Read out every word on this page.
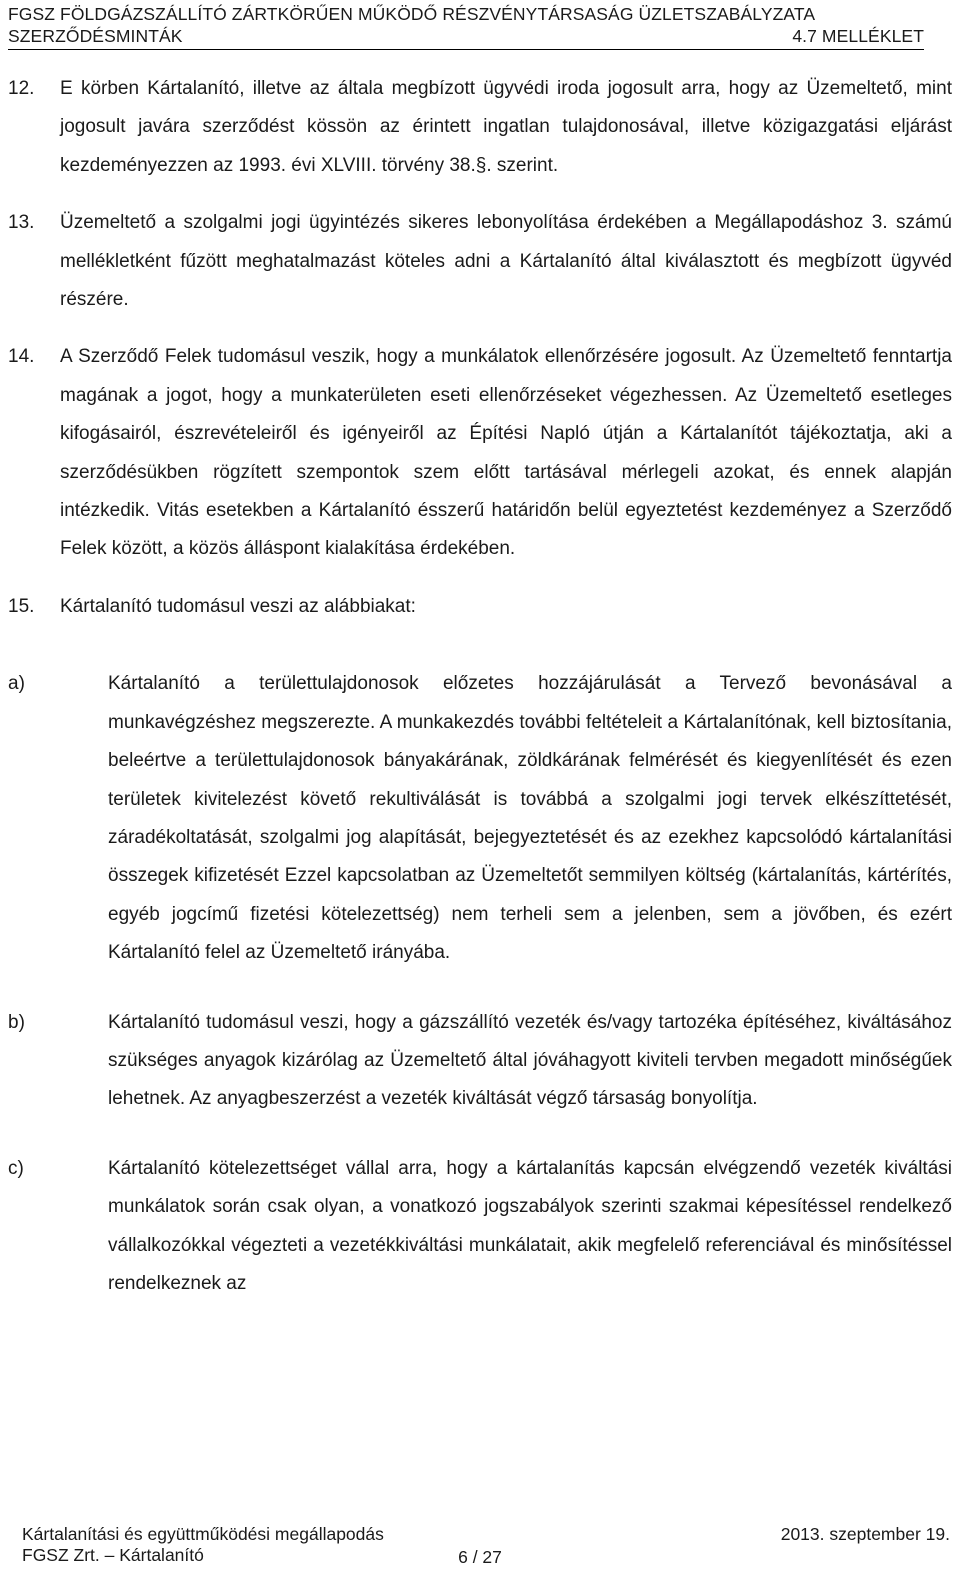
FGSZ FÖLDGÁZSZÁLLÍTÓ ZÁRTKÖRŰEN MŰKÖDŐ RÉSZVÉNYTÁRSASÁG ÜZLETSZABÁLYZATA
SZERZŐDÉSMINTÁK	4.7 MELLÉKLET
12.	E körben Kártalanító, illetve az általa megbízott ügyvédi iroda jogosult arra, hogy az Üzemeltető, mint jogosult javára szerződést kössön az érintett ingatlan tulajdonosával, illetve közigazgatási eljárást kezdeményezzen az 1993. évi XLVIII. törvény 38.§. szerint.
13.	Üzemeltető a szolgalmi jogi ügyintézés sikeres lebonyolítása érdekében a Megállapodáshoz 3. számú mellékletként fűzött meghatalmazást köteles adni a Kártalanító által kiválasztott és megbízott ügyvéd részére.
14.	A Szerződő Felek tudomásul veszik, hogy a munkálatok ellenőrzésére jogosult. Az Üzemeltető fenntartja magának a jogot, hogy a munkaterületen eseti ellenőrzéseket végezhessen. Az Üzemeltető esetleges kifogásairól, észrevételeiről és igényeiről az Építési Napló útján a Kártalanítót tájékoztatja, aki a szerződésükben rögzített szempontok szem előtt tartásával mérlegeli azokat, és ennek alapján intézkedik. Vitás esetekben a Kártalanító ésszerű határidőn belül egyeztetést kezdeményez a Szerződő Felek között, a közös álláspont kialakítása érdekében.
15.	Kártalanító tudomásul veszi az alábbiakat:
a)	Kártalanító a területtulajdonosok előzetes hozzájárulását a Tervező bevonásával a munkavégzéshez megszerezte. A munkakezdés további feltételeit a Kártalanítónak, kell biztosítania, beleértve a területtulajdonosok bányakárának, zöldkárának felmérését és kiegyenlítését és ezen területek kivitelezést követő rekultiválását is továbbá a szolgalmi jogi tervek elkészíttetését, záradékoltatását, szolgalmi jog alapítását, bejegyeztetését és az ezekhez kapcsolódó kártalanítási összegek kifizetését Ezzel kapcsolatban az Üzemeltetőt semmilyen költség (kártalanítás, kártérítés, egyéb jogcímű fizetési kötelezettség) nem terheli sem a jelenben, sem a jövőben, és ezért Kártalanító felel az Üzemeltető irányába.
b)	Kártalanító tudomásul veszi, hogy a gázszállító vezeték és/vagy tartozéka építéséhez, kiváltásához szükséges anyagok kizárólag az Üzemeltető által jóváhagyott kiviteli tervben megadott minőségűek lehetnek. Az anyagbeszerzést a vezeték kiváltását végző társaság bonyolítja.
c)	Kártalanító kötelezettséget vállal arra, hogy a kártalanítás kapcsán elvégzendő vezeték kiváltási munkálatok során csak olyan, a vonatkozó jogszabályok szerinti szakmai képesítéssel rendelkező vállalkozókkal végezteti a vezetékkiváltási munkálatait, akik megfelelő referenciával és minősítéssel rendelkeznek az
Kártalanítási és együttműködési megállapodás	2013. szeptember 19.
FGSZ Zrt. – Kártalanító	6 / 27
